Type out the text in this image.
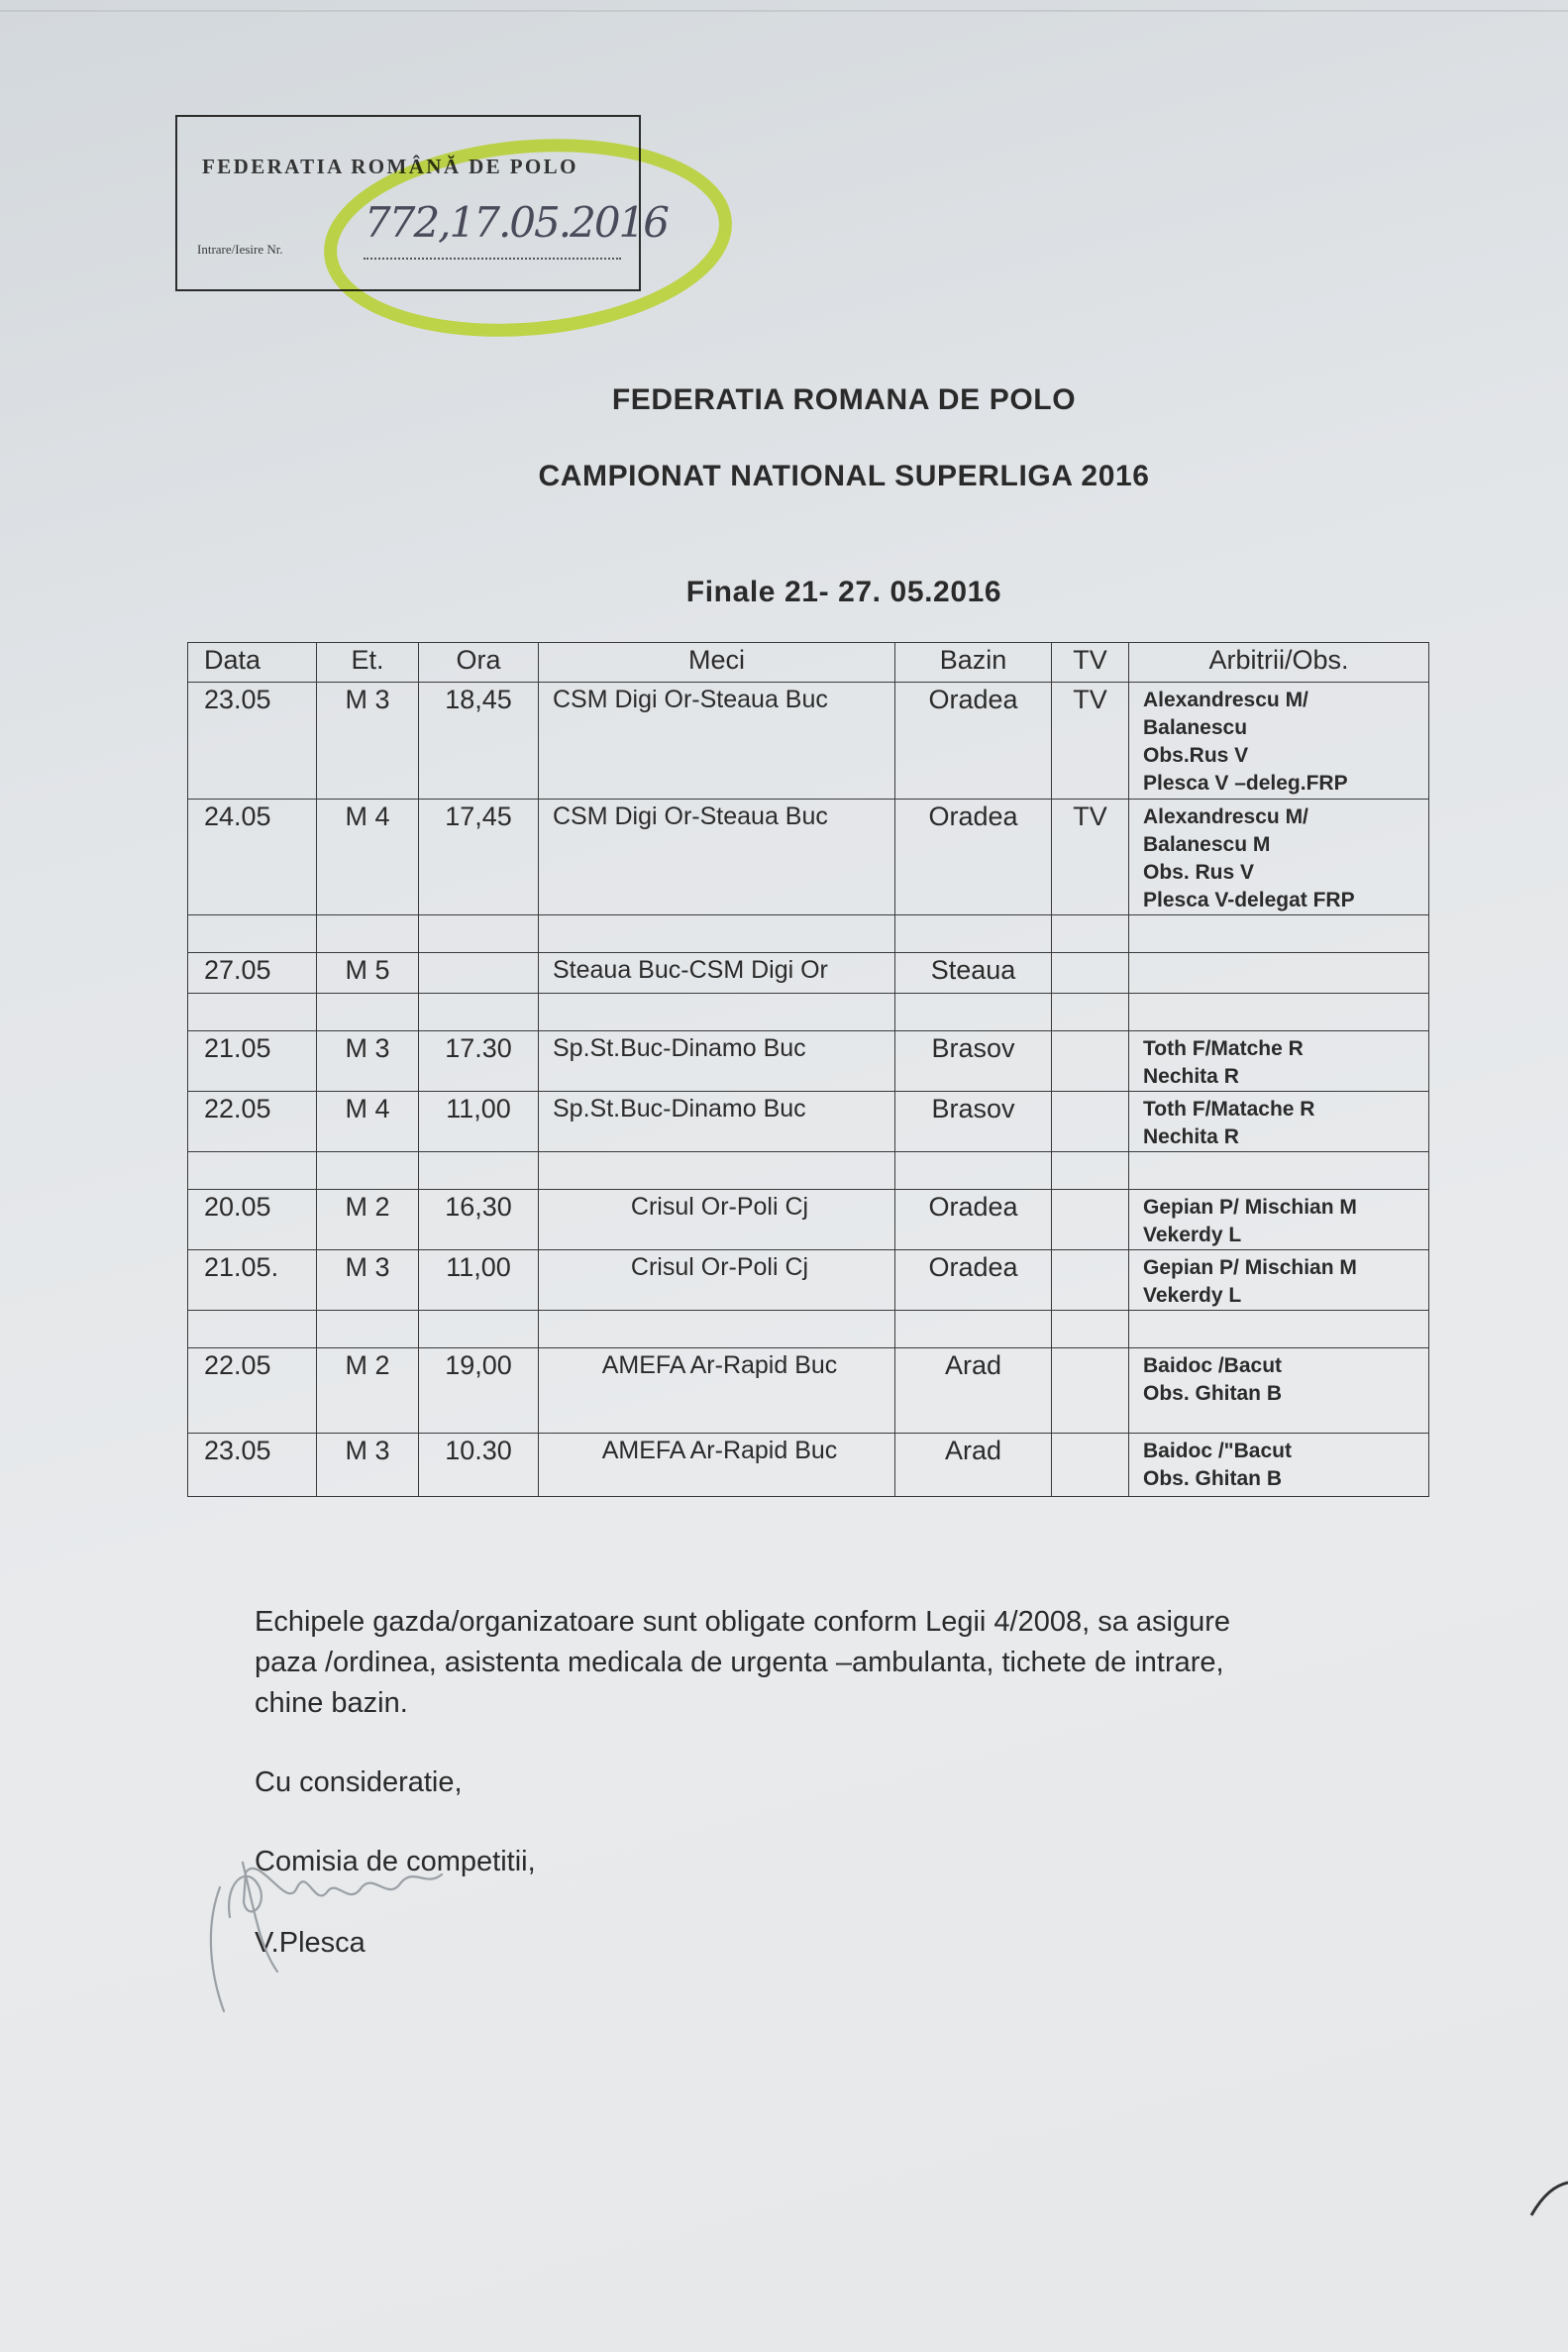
FEDERATIA ROMÂNĂ DE POLO
Intrare/Iesire Nr.
772,17.05.2016
FEDERATIA ROMANA DE POLO
CAMPIONAT NATIONAL SUPERLIGA 2016
Finale 21- 27. 05.2016
Data	Et.	Ora	Meci	Bazin	TV	Arbitrii/Obs.
23.05	M 3	18,45	CSM Digi Or-Steaua Buc	Oradea	TV	Alexandrescu M/
Balanescu
Obs.Rus V
Plesca V –deleg.FRP

24.05	M 4	17,45	CSM Digi Or-Steaua Buc	Oradea	TV	Alexandrescu M/
Balanescu M
Obs. Rus V
Plesca V-delegat FRP

27.05	M 5		Steaua Buc-CSM Digi Or	Steaua		

21.05	M 3	17.30	Sp.St.Buc-Dinamo Buc	Brasov		Toth F/Matche R
Nechita R

22.05	M 4	11,00	Sp.St.Buc-Dinamo Buc	Brasov		Toth F/Matache R
Nechita R

20.05	M 2	16,30	Crisul Or-Poli Cj	Oradea		Gepian P/ Mischian M
Vekerdy L

21.05.	M 3	11,00	Crisul Or-Poli Cj	Oradea		Gepian P/ Mischian M
Vekerdy L

22.05	M 2	19,00	AMEFA Ar-Rapid Buc	Arad		Baidoc /Bacut
Obs. Ghitan B

23.05	M 3	10.30	AMEFA Ar-Rapid Buc	Arad		Baidoc /"Bacut
Obs. Ghitan B
Echipele gazda/organizatoare sunt obligate conform Legii 4/2008, sa asigure
paza /ordinea, asistenta medicala de urgenta –ambulanta, tichete de intrare,
chine bazin.
Cu consideratie,
Comisia de competitii,
V.Plesca
